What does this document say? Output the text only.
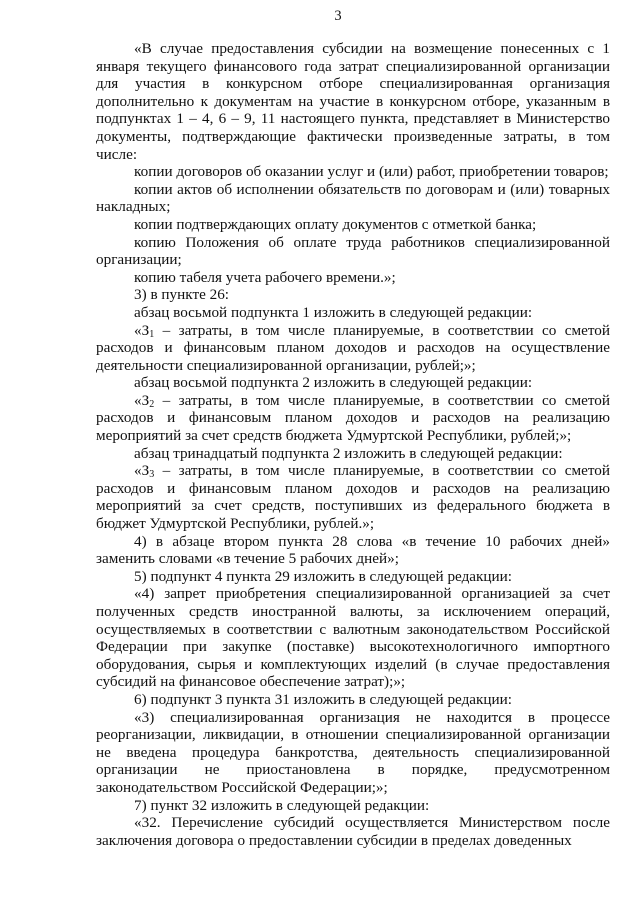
3

«В случае предоставления субсидии на возмещение понесенных с 1 января текущего финансового года затрат специализированной организации для участия в конкурсном отборе специализированная организация дополнительно к документам на участие в конкурсном отборе, указанным в подпунктах 1 – 4, 6 – 9, 11 настоящего пункта, представляет в Министерство документы, подтверждающие фактически произведенные затраты, в том числе:

копии договоров об оказании услуг и (или) работ, приобретении товаров;

копии актов об исполнении обязательств по договорам и (или) товарных накладных;

копии подтверждающих оплату документов с отметкой банка;

копию Положения об оплате труда работников специализированной организации;

копию табеля учета рабочего времени.»;

3) в пункте 26:

абзац восьмой подпункта 1 изложить в следующей редакции:

«$З_1$ – затраты, в том числе планируемые, в соответствии со сметой расходов и финансовым планом доходов и расходов на осуществление деятельности специализированной организации, рублей;»;

абзац восьмой подпункта 2 изложить в следующей редакции:

«$З_2$ – затраты, в том числе планируемые, в соответствии со сметой расходов и финансовым планом доходов и расходов на реализацию мероприятий за счет средств бюджета Удмуртской Республики, рублей;»;

абзац тринадцатый подпункта 2 изложить в следующей редакции:

«$З_3$ – затраты, в том числе планируемые, в соответствии со сметой расходов и финансовым планом доходов и расходов на реализацию мероприятий за счет средств, поступивших из федерального бюджета в бюджет Удмуртской Республики, рублей.»;

4) в абзаце втором пункта 28 слова «в течение 10 рабочих дней» заменить словами «в течение 5 рабочих дней»;

5) подпункт 4 пункта 29 изложить в следующей редакции:

«4) запрет приобретения специализированной организацией за счет полученных средств иностранной валюты, за исключением операций, осуществляемых в соответствии с валютным законодательством Российской Федерации при закупке (поставке) высокотехнологичного импортного оборудования, сырья и комплектующих изделий (в случае предоставления субсидий на финансовое обеспечение затрат);»;

6) подпункт 3 пункта 31 изложить в следующей редакции:

«3) специализированная организация не находится в процессе реорганизации, ликвидации, в отношении специализированной организации не введена процедура банкротства, деятельность специализированной организации не приостановлена в порядке, предусмотренном законодательством Российской Федерации;»;

7) пункт 32 изложить в следующей редакции:

«32. Перечисление субсидий осуществляется Министерством после заключения договора о предоставлении субсидии в пределах доведенных
